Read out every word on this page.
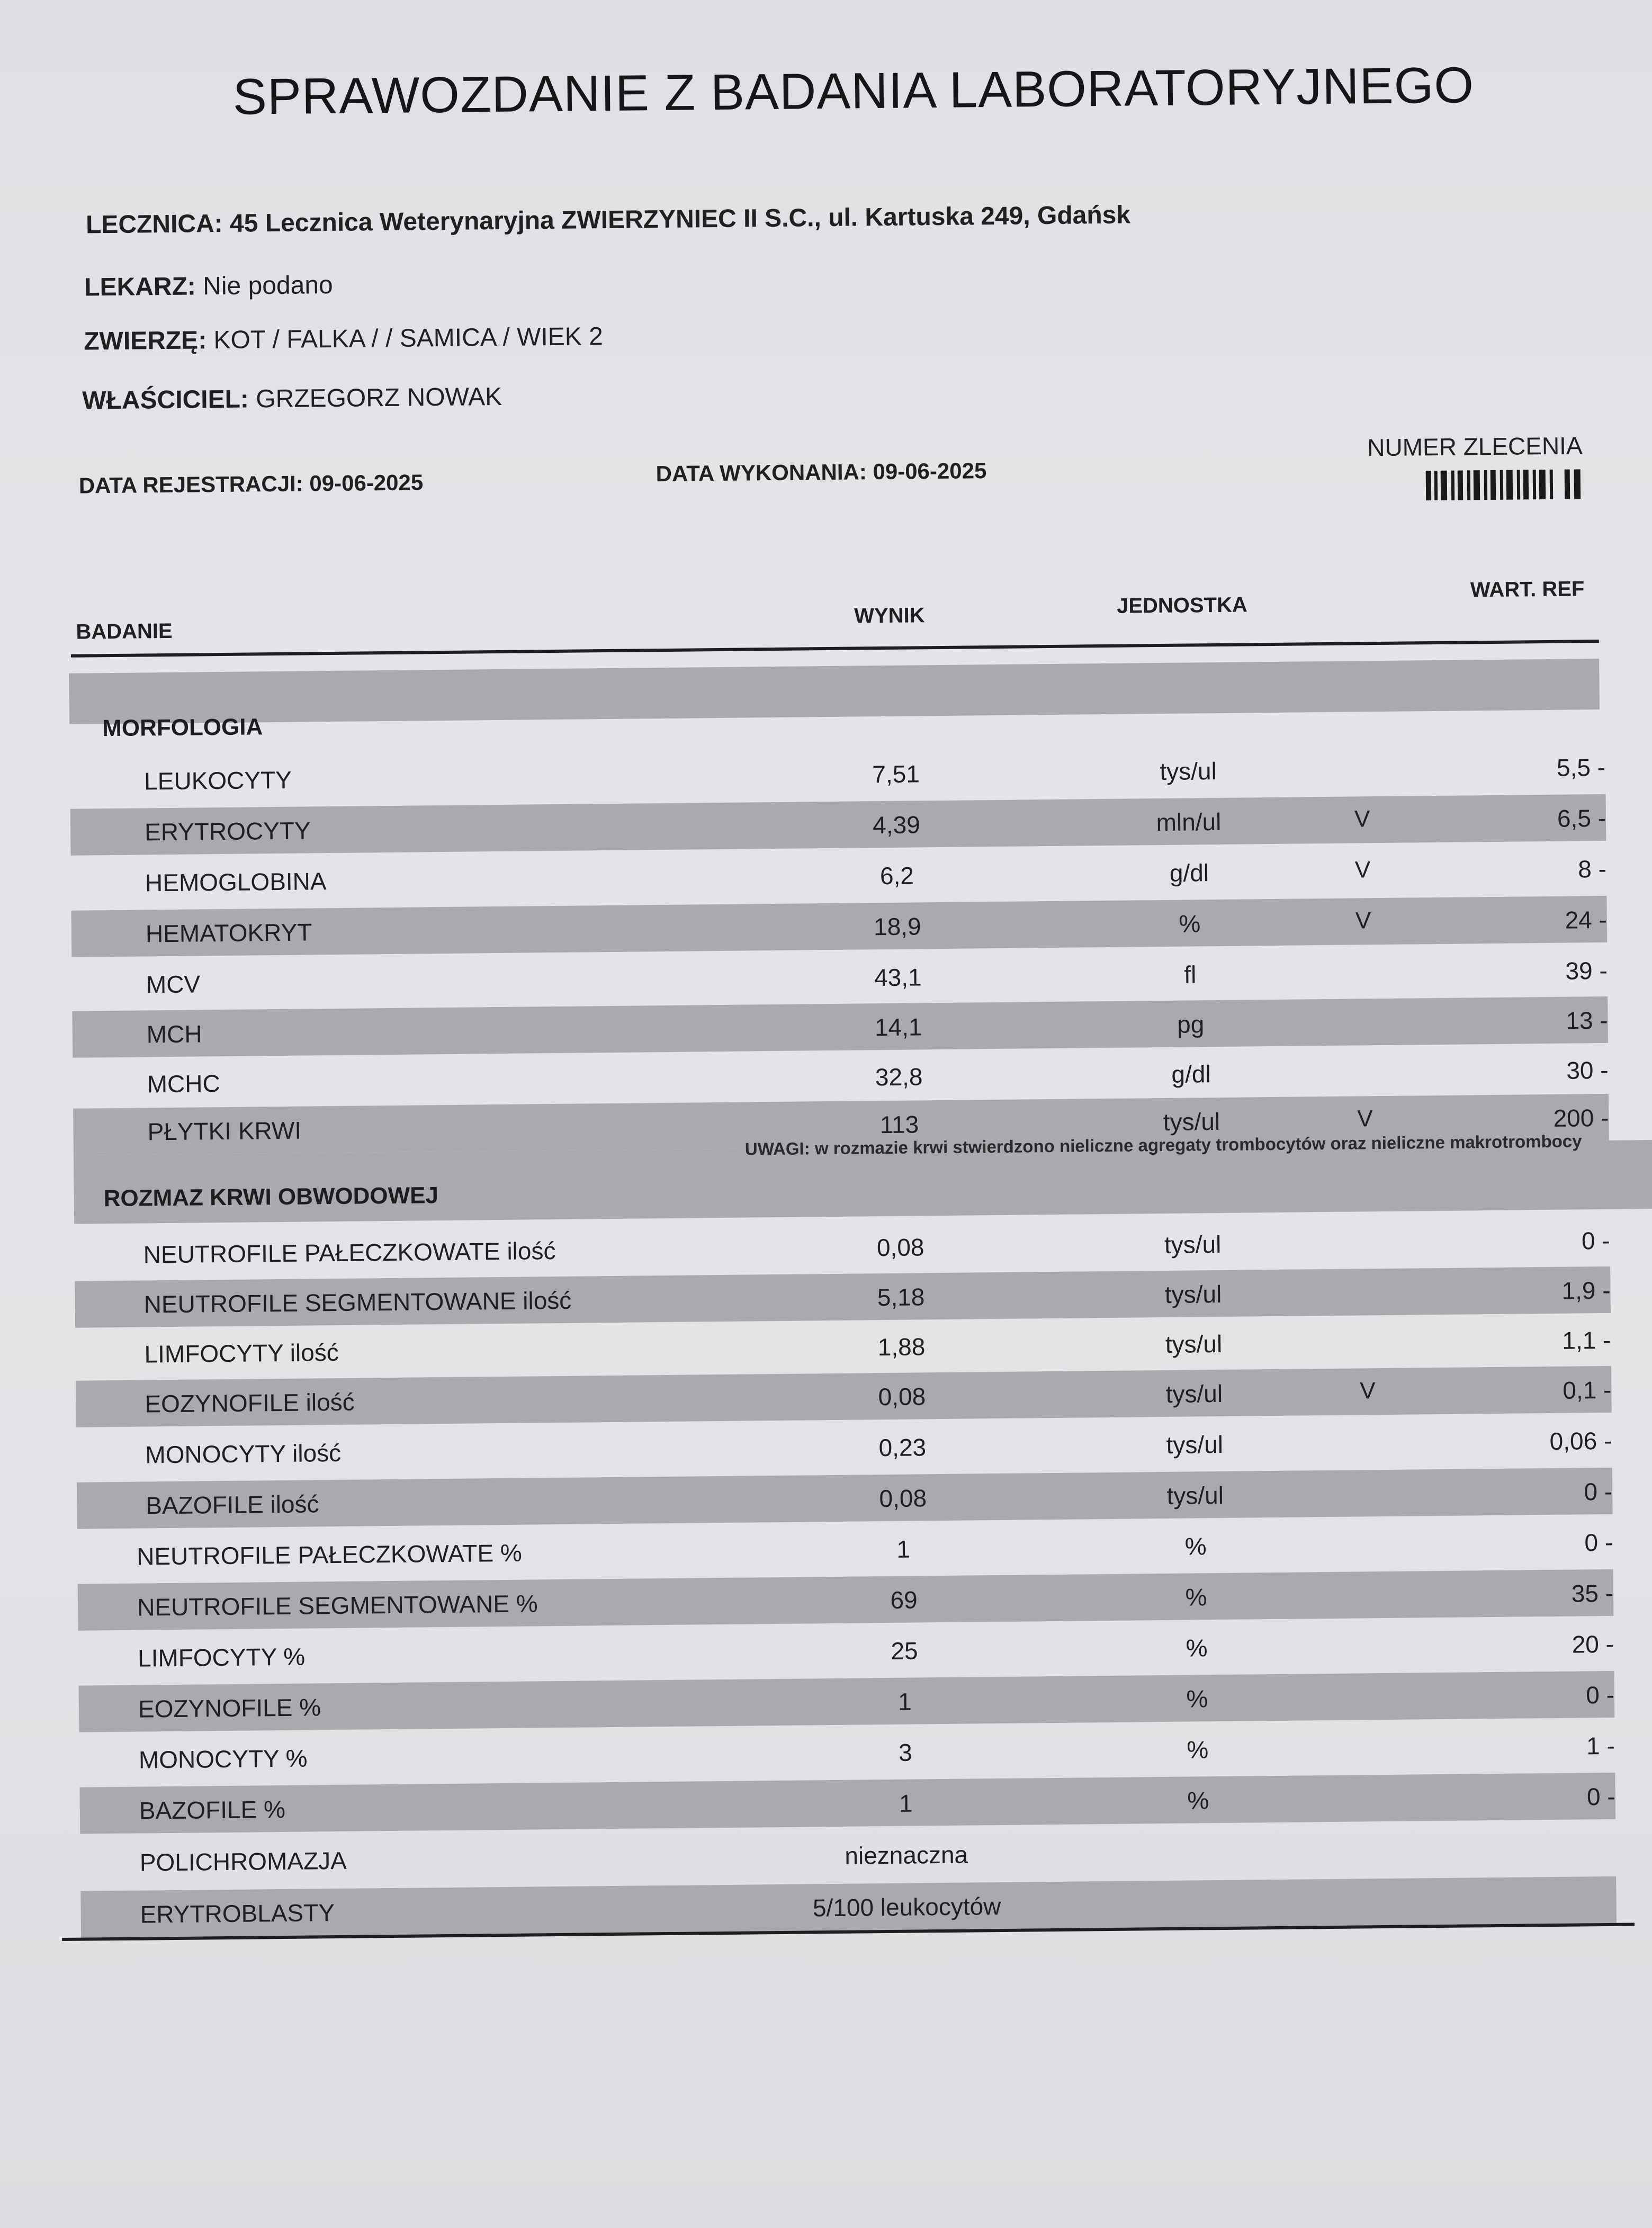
SPRAWOZDANIE Z BADANIA LABORATORYJNEGO
LECZNICA: 45 Lecznica Weterynaryjna ZWIERZYNIEC II S.C., ul. Kartuska 249, Gdańsk
LEKARZ: Nie podano
ZWIERZĘ: KOT / FALKA / / SAMICA / WIEK 2
WŁAŚCICIEL: GRZEGORZ NOWAK
DATA REJESTRACJI: 09-06-2025	DATA WYKONANIA: 09-06-2025
NUMER ZLECENIA
BADANIE
WYNIK	JEDNOSTKA
WART. REF
MORFOLOGIA
LEUKOCYTY	7,51	tys/ul	5,5 -
ERYTROCYTY	4,39	mln/ul	V	6,5 -
HEMOGLOBINA	6,2	g/dl	V	8 -
HEMATOKRYT	18,9	%	V	24 -
MCV	43,1	fl	39 -
MCH	14,1	pg	13 -
MCHC	32,8	g/dl	30 -
PŁYTKI KRWI	113	tys/ul	V	200 -
UWAGI: w rozmazie krwi stwierdzono nieliczne agregaty trombocytów oraz nieliczne makrotrombocy
ROZMAZ KRWI OBWODOWEJ
NEUTROFILE PAŁECZKOWATE ilość	0,08	tys/ul	0 -
NEUTROFILE SEGMENTOWANE ilość	5,18	tys/ul	1,9 -
LIMFOCYTY ilość	1,88	tys/ul	1,1 -
EOZYNOFILE ilość	0,08	tys/ul	V	0,1 -
MONOCYTY ilość	0,23	tys/ul	0,06 -
BAZOFILE ilość	0,08	tys/ul	0 -
NEUTROFILE PAŁECZKOWATE %	1	%	0 -
NEUTROFILE SEGMENTOWANE %	69	%	35 -
LIMFOCYTY %	25	%	20 -
EOZYNOFILE %	1	%	0 -
MONOCYTY %	3	%	1 -
BAZOFILE %	1	%	0 -
POLICHROMAZJA	nieznaczna
ERYTROBLASTY	5/100 leukocytów
